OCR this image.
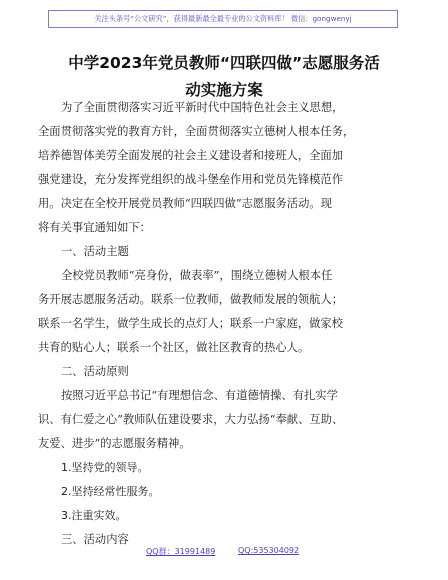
关注头条号“公文研究”，获得最新最全最专业的公文资料库！ 微信：gongwenyj
中学2023年党员教师“四联四做”志愿服务活
动实施方案
为了全面贯彻落实习近平新时代中国特色社会主义思想，
全面贯彻落实党的教育方针，全面贯彻落实立德树人根本任务，
培养德智体美劳全面发展的社会主义建设者和接班人，全面加
强党建设，充分发挥党组织的战斗堡垒作用和党员先锋模范作
用。决定在全校开展党员教师“四联四做”志愿服务活动。现
将有关事宜通知如下：
一、活动主题
全校党员教师“亮身份，做表率”，围绕立德树人根本任
务开展志愿服务活动。联系一位教师，做教师发展的领航人；
联系一名学生，做学生成长的点灯人；联系一户家庭，做家校
共育的贴心人；联系一个社区，做社区教育的热心人。
二、活动原则
按照习近平总书记“有理想信念、有道德情操、有扎实学
识、有仁爱之心”教师队伍建设要求，大力弘扬“奉献、互助、
友爱、进步”的志愿服务精神。
1.坚持党的领导。
2.坚持经常性服务。
3.注重实效。
三、活动内容
QQ群：31991489	QQ:535304092
